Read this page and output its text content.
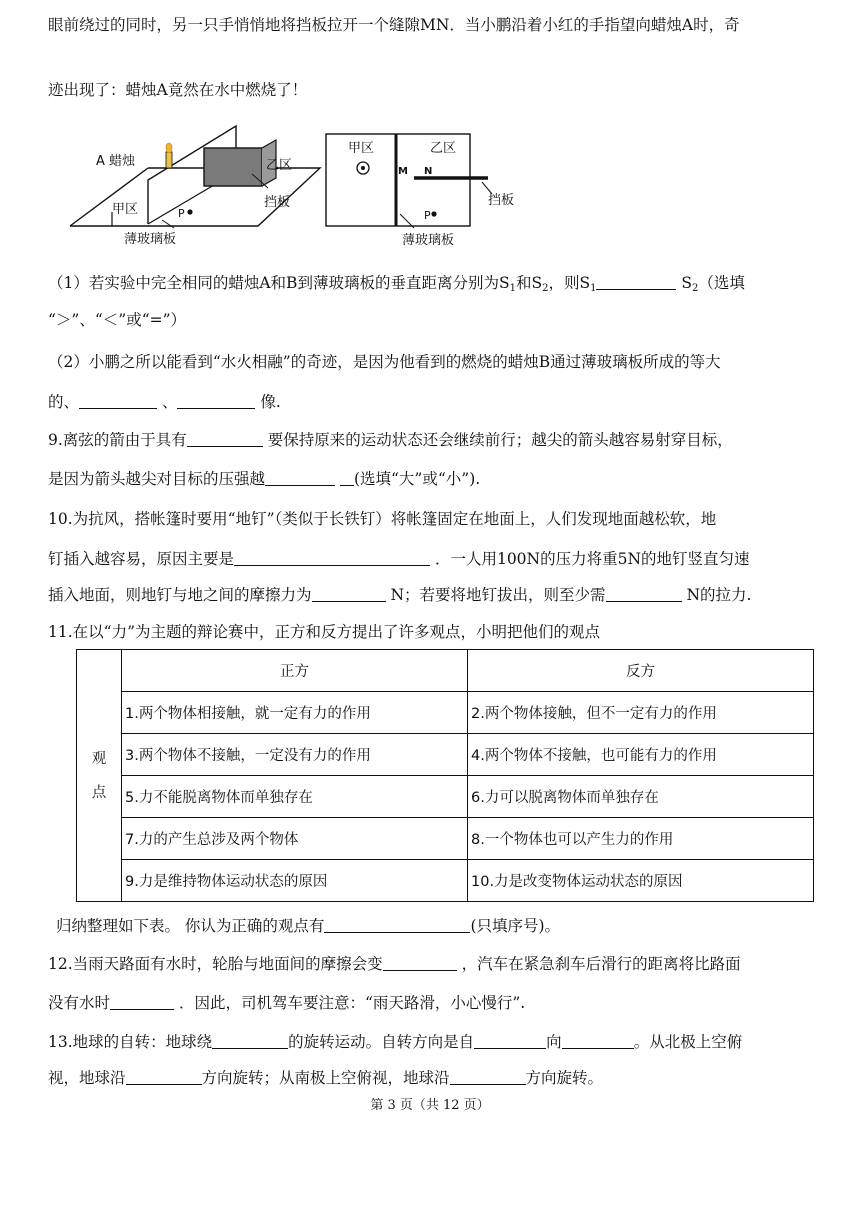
眼前绕过的同时，另一只手悄悄地将挡板拉开一个缝隙MN．当小鹏沿着小红的手指望向蜡烛A时，奇
迹出现了：蜡烛A竟然在水中燃烧了！
A 蜡烛
甲区
乙区
P
挡板
薄玻璃板
甲区	乙区
M N
P
挡板
薄玻璃板
（1）若实验中完全相同的蜡烛A和B到薄玻璃板的垂直距离分别为$S_1$和$S_2$，则$S_1$	$S_2$（选填
“＞”、“＜”或“=”）
（2）小鹏之所以能看到“水火相融”的奇迹，是因为他看到的燃烧的蜡烛B通过薄玻璃板所成的等大
的、	、	像.
9.离弦的箭由于具有	要保持原来的运动状态还会继续前行；越尖的箭头越容易射穿目标，
是因为箭头越尖对目标的压强越	(选填“大”或“小”).
10.为抗风，搭帐篷时要用“地钉”（类似于长铁钉）将帐篷固定在地面上，人们发现地面越松软，地
钉插入越容易，原因主要是	．一人用100N的压力将重5N的地钉竖直匀速
插入地面，则地钉与地之间的摩擦力为	N；若要将地钉拔出，则至少需	N的拉力.
11.在以“力”为主题的辩论赛中，正方和反方提出了许多观点，小明把他们的观点
观
点	正方	反方
	1.两个物体相接触，就一定有力的作用	2.两个物体接触，但不一定有力的作用
	3.两个物体不接触，一定没有力的作用	4.两个物体不接触，也可能有力的作用
	5.力不能脱离物体而单独存在	6.力可以脱离物体而单独存在
	7.力的产生总涉及两个物体	8.一个物体也可以产生力的作用
	9.力是维持物体运动状态的原因	10.力是改变物体运动状态的原因
归纳整理如下表。 你认为正确的观点有	(只填序号)。
12.当雨天路面有水时，轮胎与地面间的摩擦会变	，汽车在紧急刹车后滑行的距离将比路面
没有水时	．因此，司机驾车要注意：“雨天路滑，小心慢行”.
13.地球的自转：地球绕	的旋转运动。自转方向是自	向	。从北极上空俯
视，地球沿	方向旋转；从南极上空俯视，地球沿	方向旋转。
第 3 页（共 12 页）
